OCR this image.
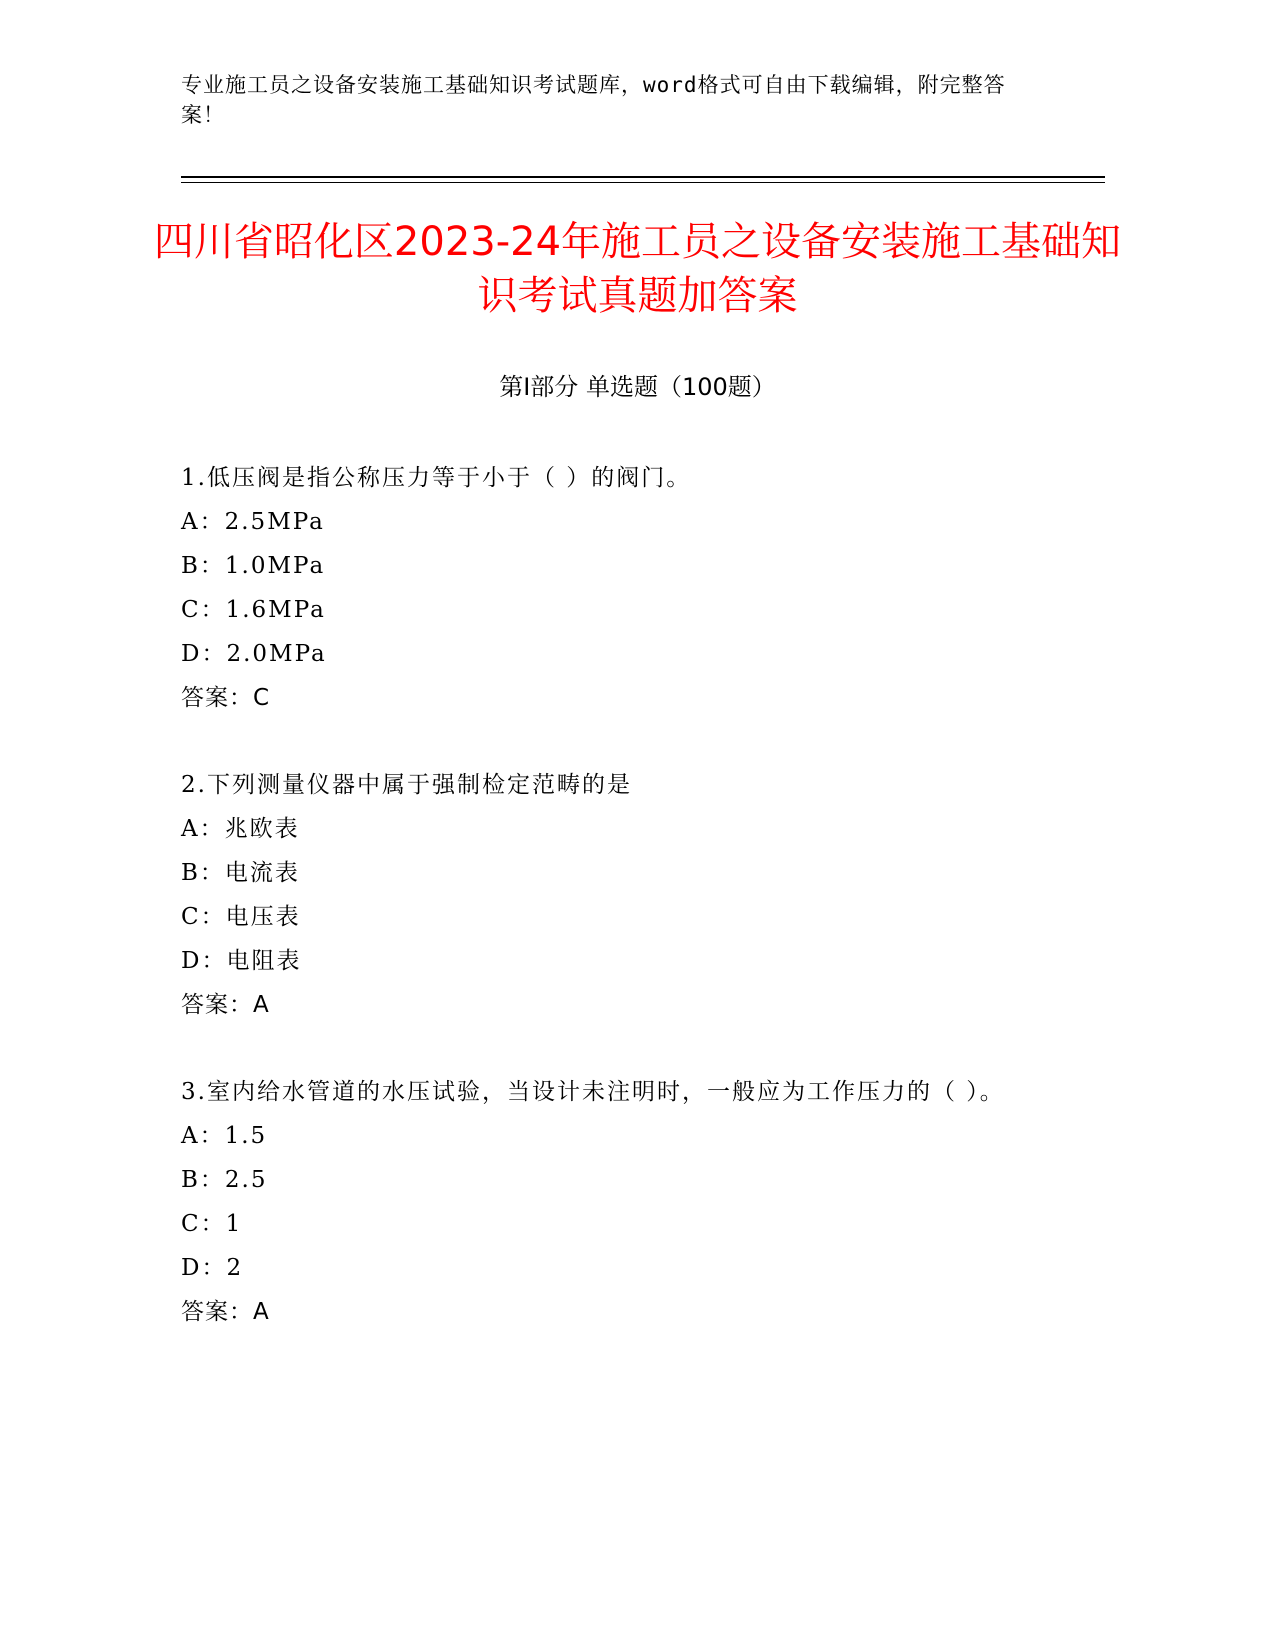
专业施工员之设备安装施工基础知识考试题库，word格式可自由下载编辑，附完整答案！
四川省昭化区2023-24年施工员之设备安装施工基础知识考试真题加答案
第Ⅰ部分 单选题（100题）

1.低压阀是指公称压力等于小于（ ）的阀门。

A：2.5MPa

B：1.0MPa

C：1.6MPa

D：2.0MPa

答案：C

2.下列测量仪器中属于强制检定范畴的是

A：兆欧表

B：电流表

C：电压表

D：电阻表

答案：A

3.室内给水管道的水压试验，当设计未注明时，一般应为工作压力的（ ）。

A：1.5

B：2.5

C：1

D：2

答案：A
